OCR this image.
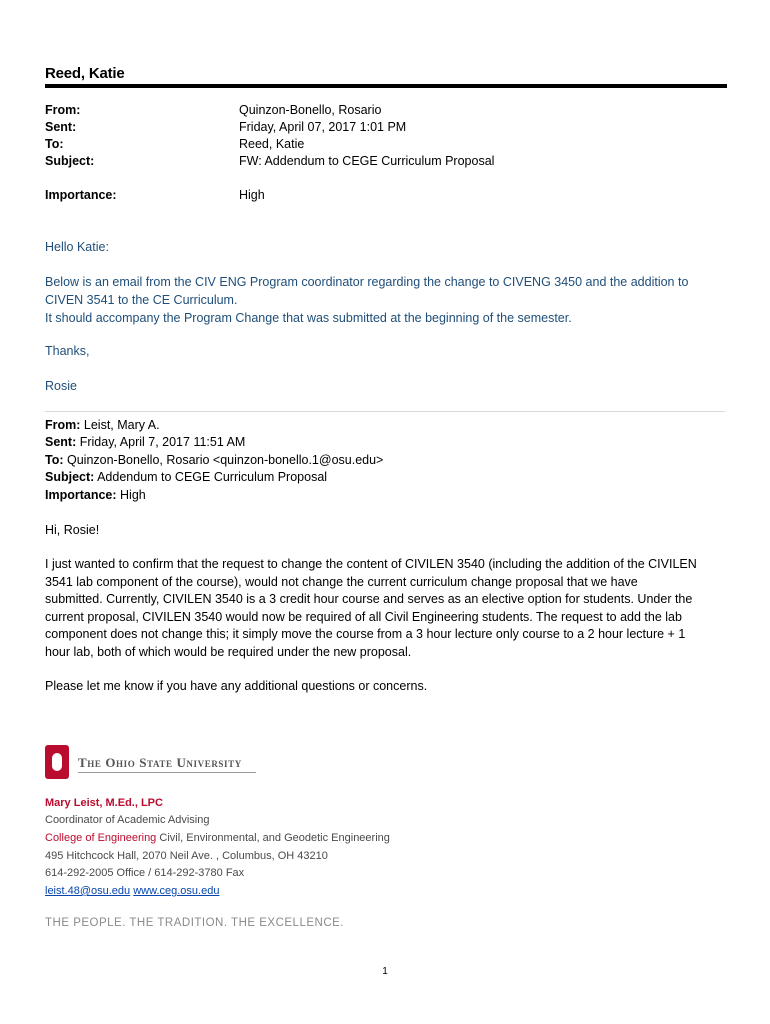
Reed, Katie
From:	Quinzon-Bonello, Rosario
Sent:	Friday, April 07, 2017 1:01 PM
To:	Reed, Katie
Subject:	FW: Addendum to CEGE Curriculum Proposal
Importance:	High
Hello Katie:
Below is an email from the CIV ENG Program coordinator regarding the change to CIVENG 3450 and the addition to
CIVEN 3541 to the CE Curriculum.
It should accompany the Program Change that was submitted at the beginning of the semester.
Thanks,
Rosie
From: Leist, Mary A.
Sent: Friday, April 7, 2017 11:51 AM
To: Quinzon-Bonello, Rosario <quinzon-bonello.1@osu.edu>
Subject: Addendum to CEGE Curriculum Proposal
Importance: High
Hi, Rosie!
I just wanted to confirm that the request to change the content of CIVILEN 3540 (including the addition of the CIVILEN
3541 lab component of the course), would not change the current curriculum change proposal that we have
submitted. Currently, CIVILEN 3540 is a 3 credit hour course and serves as an elective option for students. Under the
current proposal, CIVILEN 3540 would now be required of all Civil Engineering students. The request to add the lab
component does not change this; it simply move the course from a 3 hour lecture only course to a 2 hour lecture + 1
hour lab, both of which would be required under the new proposal.
Please let me know if you have any additional questions or concerns.
The Ohio State University
Mary Leist, M.Ed., LPC
Coordinator of Academic Advising
College of Engineering Civil, Environmental, and Geodetic Engineering
495 Hitchcock Hall, 2070 Neil Ave. , Columbus, OH 43210
614-292-2005 Office / 614-292-3780 Fax
leist.48@osu.edu www.ceg.osu.edu
THE PEOPLE. THE TRADITION. THE EXCELLENCE.
1
